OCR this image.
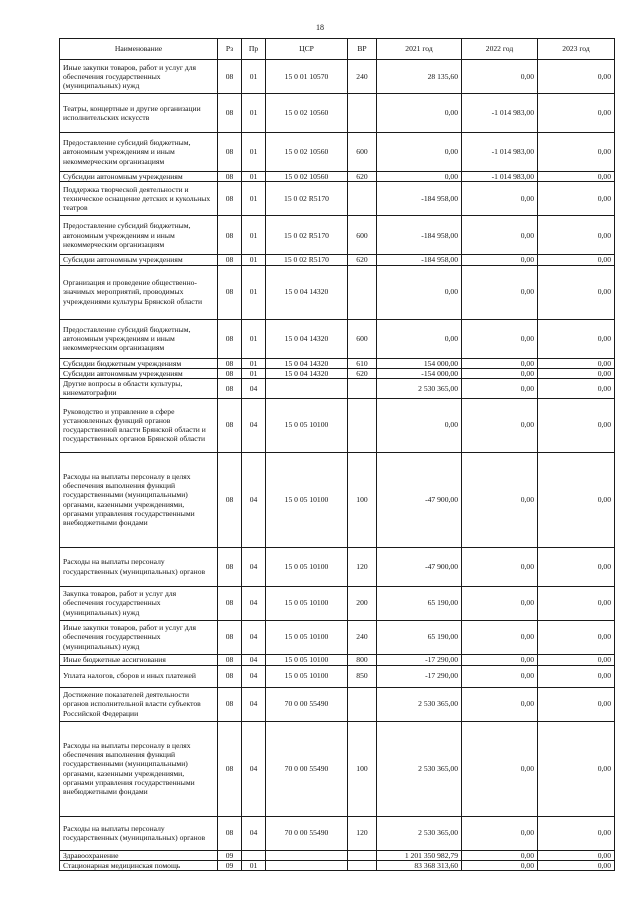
18
Наименование	Рз	Пр	ЦСР	ВР	2021 год	2022 год	2023 год
Иные закупки товаров, работ и услуг для обеспечения государственных (муниципальных) нужд	08	01	15 0 01 10570	240	28 135,60	0,00	0,00
Театры, концертные и другие организации исполнительских искусств	08	01	15 0 02 10560		0,00	-1 014 983,00	0,00
Предоставление субсидий бюджетным, автономным учреждениям и иным некоммерческим организациям	08	01	15 0 02 10560	600	0,00	-1 014 983,00	0,00
Субсидии автономным учреждениям	08	01	15 0 02 10560	620	0,00	-1 014 983,00	0,00
Поддержка творческой деятельности и техническое оснащение детских и кукольных театров	08	01	15 0 02 R5170		-184 958,00	0,00	0,00
Предоставление субсидий бюджетным, автономным учреждениям и иным некоммерческим организациям	08	01	15 0 02 R5170	600	-184 958,00	0,00	0,00
Субсидии автономным учреждениям	08	01	15 0 02 R5170	620	-184 958,00	0,00	0,00
Организация и проведение общественно-значимых мероприятий, проводимых учреждениями культуры Брянской области	08	01	15 0 04 14320		0,00	0,00	0,00
Предоставление субсидий бюджетным, автономным учреждениям и иным некоммерческим организациям	08	01	15 0 04 14320	600	0,00	0,00	0,00
Субсидии бюджетным учреждениям	08	01	15 0 04 14320	610	154 000,00	0,00	0,00
Субсидии автономным учреждениям	08	01	15 0 04 14320	620	-154 000,00	0,00	0,00
Другие вопросы в области культуры, кинематографии	08	04			2 530 365,00	0,00	0,00
Руководство и управление в сфере установленных функций органов государственной власти Брянской области и государственных органов Брянской области	08	04	15 0 05 10100		0,00	0,00	0,00
Расходы на выплаты персоналу в целях обеспечения выполнения функций государственными (муниципальными) органами, казенными учреждениями, органами управления государственными внебюджетными фондами	08	04	15 0 05 10100	100	-47 900,00	0,00	0,00
Расходы на выплаты персоналу государственных (муниципальных) органов	08	04	15 0 05 10100	120	-47 900,00	0,00	0,00
Закупка товаров, работ и услуг для обеспечения государственных (муниципальных) нужд	08	04	15 0 05 10100	200	65 190,00	0,00	0,00
Иные закупки товаров, работ и услуг для обеспечения государственных (муниципальных) нужд	08	04	15 0 05 10100	240	65 190,00	0,00	0,00
Иные бюджетные ассигнования	08	04	15 0 05 10100	800	-17 290,00	0,00	0,00
Уплата налогов, сборов и иных платежей	08	04	15 0 05 10100	850	-17 290,00	0,00	0,00
Достижение показателей деятельности органов исполнительной власти субъектов Российской Федерации	08	04	70 0 00 55490		2 530 365,00	0,00	0,00
Расходы на выплаты персоналу в целях обеспечения выполнения функций государственными (муниципальными) органами, казенными учреждениями, органами управления государственными внебюджетными фондами	08	04	70 0 00 55490	100	2 530 365,00	0,00	0,00
Расходы на выплаты персоналу государственных (муниципальных) органов	08	04	70 0 00 55490	120	2 530 365,00	0,00	0,00
Здравоохранение	09				1 201 350 982,79	0,00	0,00
Стационарная медицинская помощь	09	01			83 368 313,60	0,00	0,00
